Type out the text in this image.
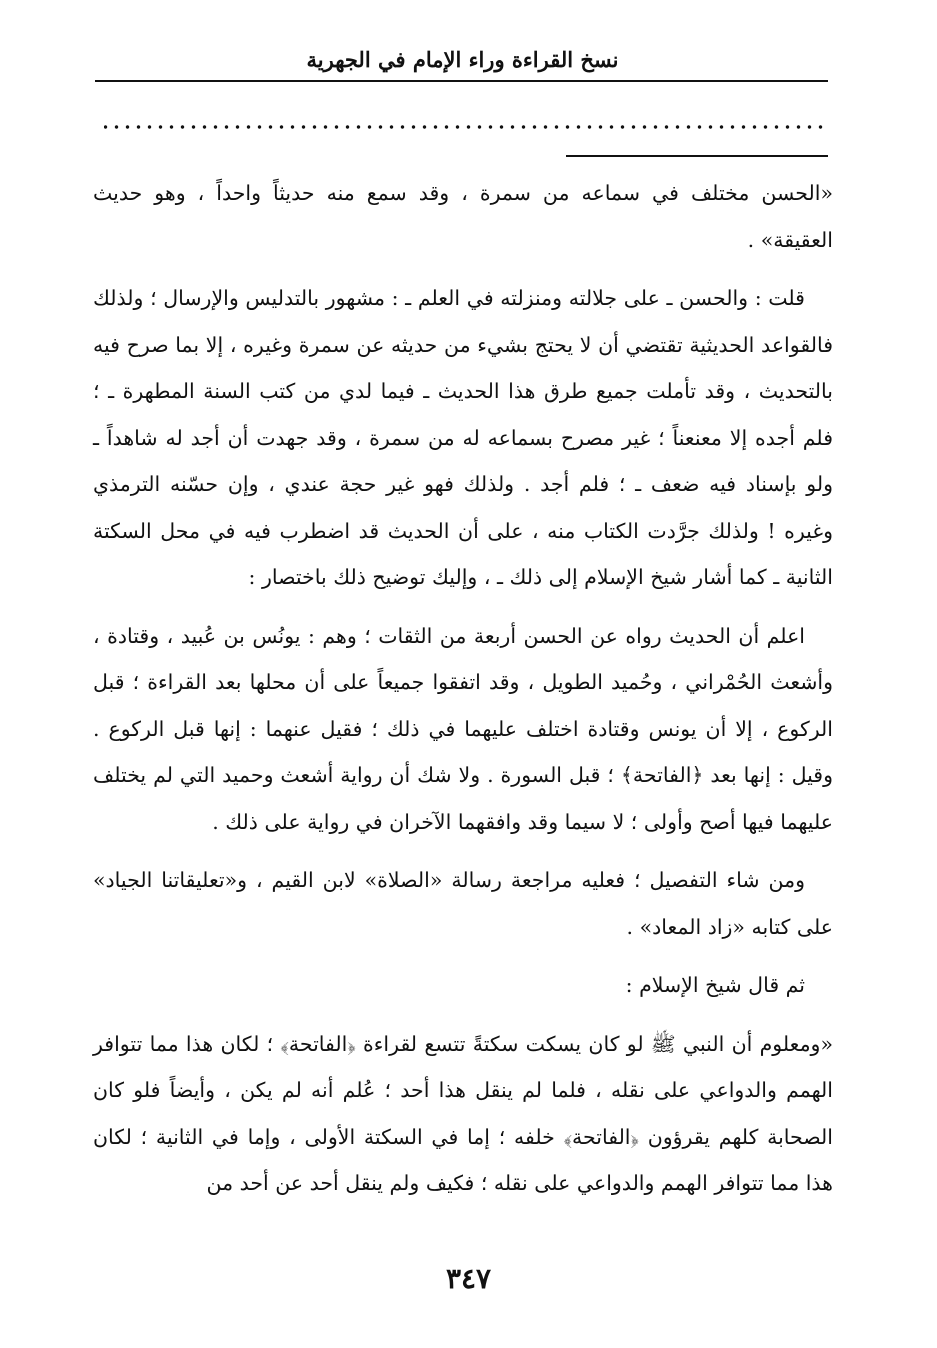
نسخ القراءة وراء الإمام في الجهرية

«الحسن مختلف في سماعه من سمرة ، وقد سمع منه حديثاً واحداً ، وهو حديث العقيقة» .

قلت : والحسن ـ على جلالته ومنزلته في العلم ـ : مشهور بالتدليس والإرسال ؛ ولذلك فالقواعد الحديثية تقتضي أن لا يحتج بشيء من حديثه عن سمرة وغيره ، إلا بما صرح فيه بالتحديث ، وقد تأملت جميع طرق هذا الحديث ـ فيما لدي من كتب السنة المطهرة ـ ؛ فلم أجده إلا معنعناً ؛ غير مصرح بسماعه له من سمرة ، وقد جهدت أن أجد له شاهداً ـ ولو بإسناد فيه ضعف ـ ؛ فلم أجد . ولذلك فهو غير حجة عندي ، وإن حسّنه الترمذي وغيره ! ولذلك جرَّدت الكتاب منه ، على أن الحديث قد اضطرب فيه في محل السكتة الثانية ـ كما أشار شيخ الإسلام إلى ذلك ـ ، وإليك توضيح ذلك باختصار :

اعلم أن الحديث رواه عن الحسن أربعة من الثقات ؛ وهم : يونُس بن عُبيد ، وقتادة ، وأشعث الحُمْراني ، وحُميد الطويل ، وقد اتفقوا جميعاً على أن محلها بعد القراءة ؛ قبل الركوع ، إلا أن يونس وقتادة اختلف عليهما في ذلك ؛ فقيل عنهما : إنها قبل الركوع . وقيل : إنها بعد ﴿الفاتحة﴾ ؛ قبل السورة . ولا شك أن رواية أشعث وحميد التي لم يختلف عليهما فيها أصح وأولى ؛ لا سيما وقد وافقهما الآخران في رواية على ذلك .

ومن شاء التفصيل ؛ فعليه مراجعة رسالة «الصلاة» لابن القيم ، و«تعليقاتنا الجياد» على كتابه «زاد المعاد» .

ثم قال شيخ الإسلام :

«ومعلوم أن النبي ﷺ لو كان يسكت سكتةً تتسع لقراءة ﴿الفاتحة﴾ ؛ لكان هذا مما تتوافر الهمم والدواعي على نقله ، فلما لم ينقل هذا أحد ؛ عُلم أنه لم يكن ، وأيضاً فلو كان الصحابة كلهم يقرؤون ﴿الفاتحة﴾ خلفه ؛ إما في السكتة الأولى ، وإما في الثانية ؛ لكان هذا مما تتوافر الهمم والدواعي على نقله ؛ فكيف ولم ينقل أحد عن أحد من

٣٤٧
